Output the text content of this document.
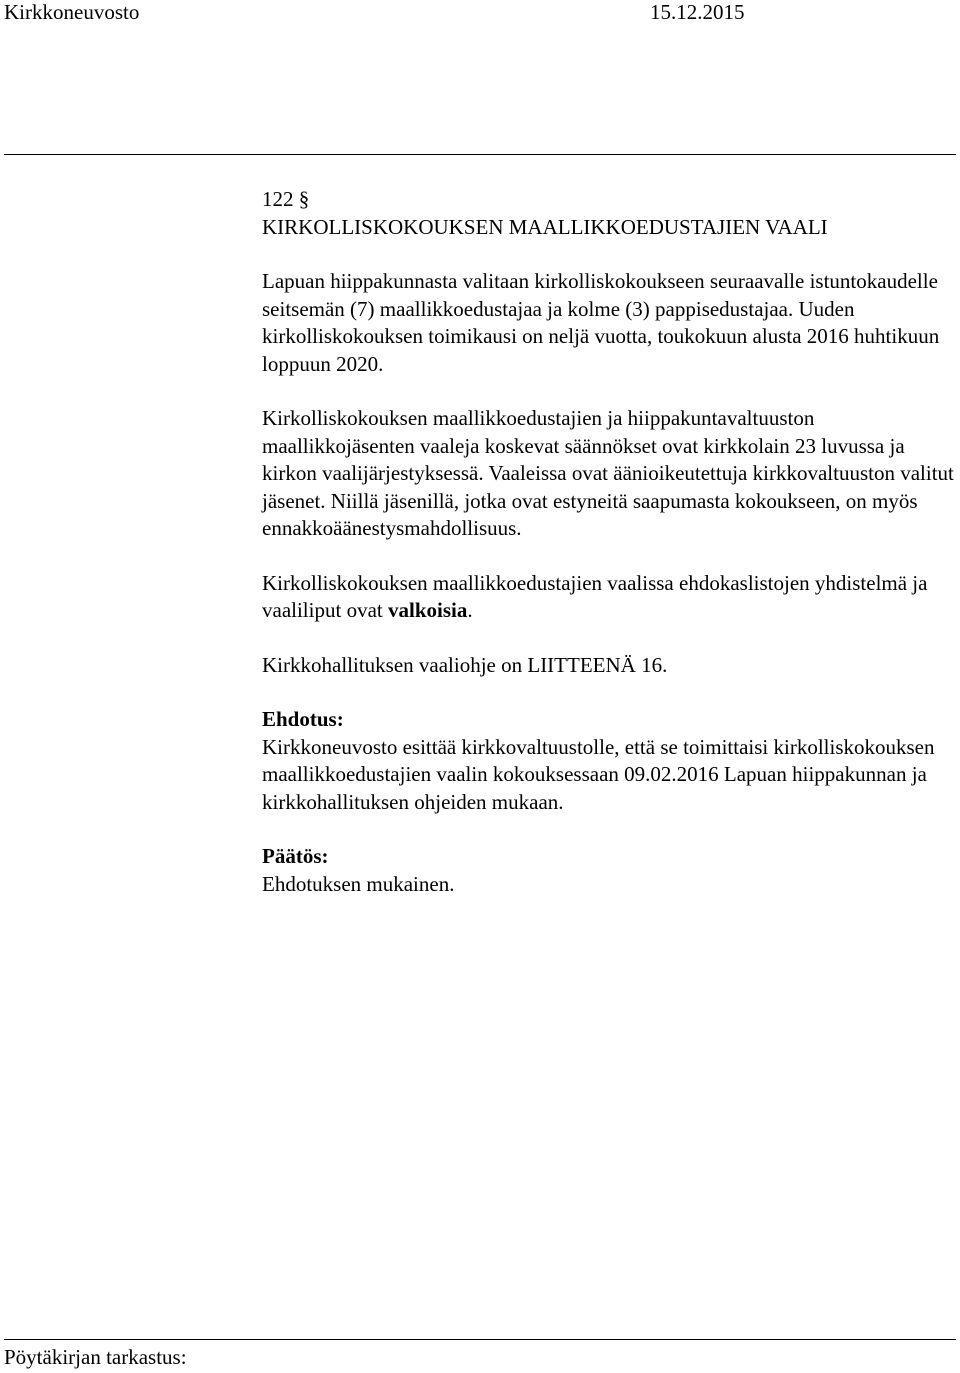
Kirkkoneuvosto	15.12.2015

122 §

KIRKOLLISKOKOUKSEN MAALLIKKOEDUSTAJIEN VAALI

Lapuan hiippakunnasta valitaan kirkolliskokoukseen seuraavalle istuntokaudelle seitsemän (7) maallikkoedustajaa ja kolme (3) pappisedustajaa. Uuden kirkolliskokouksen toimikausi on neljä vuotta, toukokuun alusta 2016 huhtikuun loppuun 2020.

Kirkolliskokouksen maallikkoedustajien ja hiippakuntavaltuuston maallikkojäsenten vaaleja koskevat säännökset ovat kirkkolain 23 luvussa ja kirkon vaalijärjestyksessä. Vaaleissa ovat äänioikeutettuja kirkkovaltuuston valitut jäsenet. Niillä jäsenillä, jotka ovat estyneitä saapumasta kokoukseen, on myös ennakkoäänestysmahdollisuus.

Kirkolliskokouksen maallikkoedustajien vaalissa ehdokaslistojen yhdistelmä ja vaaliliput ovat valkoisia.

Kirkkohallituksen vaaliohje on LIITTEENÄ 16.

Ehdotus:

Kirkkoneuvosto esittää kirkkovaltuustolle, että se toimittaisi kirkolliskokouksen maallikkoedustajien vaalin kokouksessaan 09.02.2016 Lapuan hiippakunnan ja kirkkohallituksen ohjeiden mukaan.

Päätös:

Ehdotuksen mukainen.

Pöytäkirjan tarkastus:
